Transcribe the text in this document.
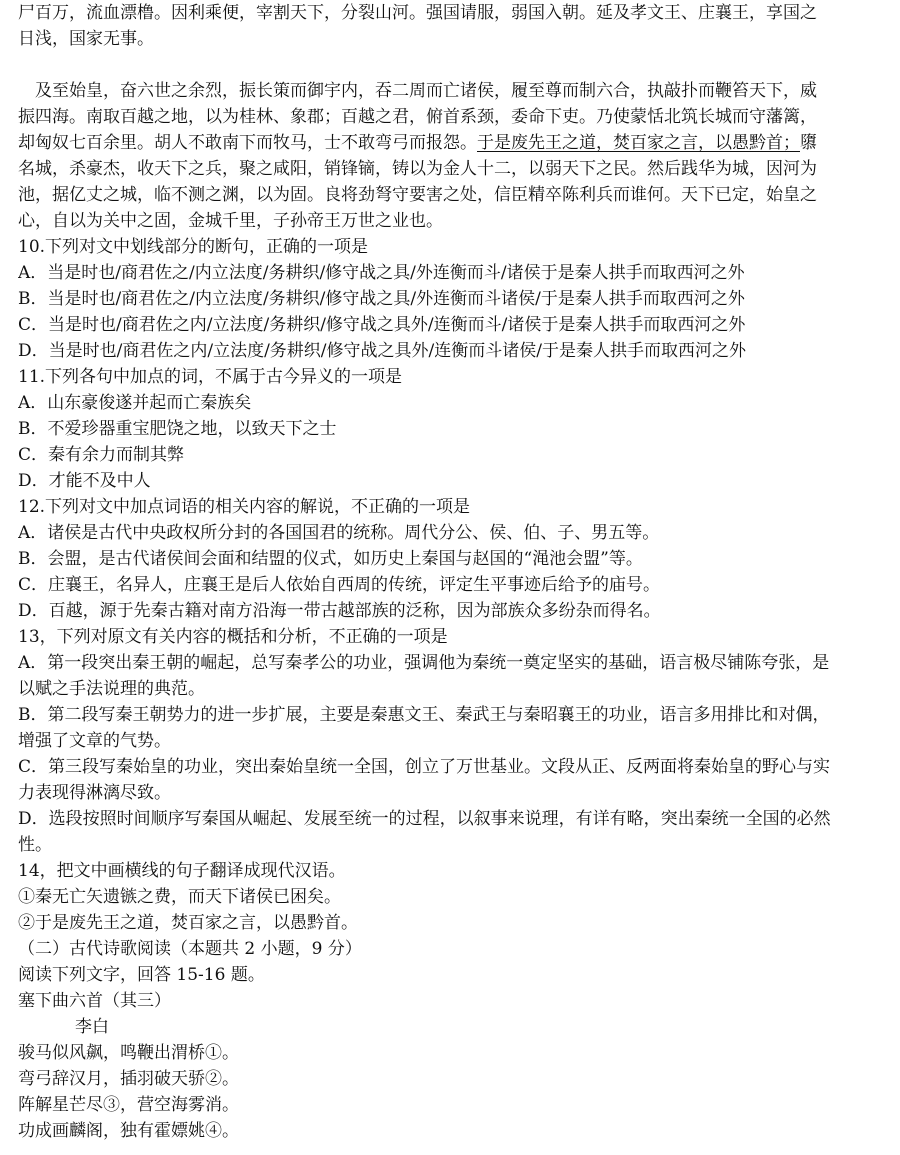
尸百万，流血漂橹。因利乘便，宰割天下，分裂山河。强国请服，弱国入朝。延及孝文王、庄襄王，享国之
日浅，国家无事。
及至始皇，奋六世之余烈，振长策而御宇内，吞二周而亡诸侯，履至尊而制六合，执敲扑而鞭笞天下，威
振四海。南取百越之地，以为桂林、象郡；百越之君，俯首系颈，委命下吏。乃使蒙恬北筑长城而守藩篱，
却匈奴七百余里。胡人不敢南下而牧马，士不敢弯弓而报怨。于是废先王之道，焚百家之言，以愚黔首；隳
名城，杀豪杰，收天下之兵，聚之咸阳，销锋镝，铸以为金人十二，以弱天下之民。然后践华为城，因河为
池，据亿丈之城，临不测之渊，以为固。良将劲弩守要害之处，信臣精卒陈利兵而谁何。天下已定，始皇之
心，自以为关中之固，金城千里，子孙帝王万世之业也。
10.下列对文中划线部分的断句，正确的一项是
A．当是时也/商君佐之/内立法度/务耕织/修守战之具/外连衡而斗/诸侯于是秦人拱手而取西河之外
B．当是时也/商君佐之/内立法度/务耕织/修守战之具/外连衡而斗诸侯/于是秦人拱手而取西河之外
C．当是时也/商君佐之内/立法度/务耕织/修守战之具外/连衡而斗/诸侯于是秦人拱手而取西河之外
D．当是时也/商君佐之内/立法度/务耕织/修守战之具外/连衡而斗诸侯/于是秦人拱手而取西河之外
11.下列各句中加点的词，不属于古今异义的一项是
A．山东豪俊遂并起而亡秦族矣
B．不爱珍器重宝肥饶之地，以致天下之士
C．秦有余力而制其弊
D．才能不及中人
12.下列对文中加点词语的相关内容的解说，不正确的一项是
A．诸侯是古代中央政权所分封的各国国君的统称。周代分公、侯、伯、子、男五等。
B．会盟，是古代诸侯间会面和结盟的仪式，如历史上秦国与赵国的“渑池会盟”等。
C．庄襄王，名异人，庄襄王是后人依始自西周的传统，评定生平事迹后给予的庙号。
D．百越，源于先秦古籍对南方沿海一带古越部族的泛称，因为部族众多纷杂而得名。
13，下列对原文有关内容的概括和分析，不正确的一项是
A．第一段突出秦王朝的崛起，总写秦孝公的功业，强调他为秦统一奠定坚实的基础，语言极尽铺陈夸张，是
以赋之手法说理的典范。
B．第二段写秦王朝势力的进一步扩展，主要是秦惠文王、秦武王与秦昭襄王的功业，语言多用排比和对偶，
增强了文章的气势。
C．第三段写秦始皇的功业，突出秦始皇统一全国，创立了万世基业。文段从正、反两面将秦始皇的野心与实
力表现得淋漓尽致。
D．选段按照时间顺序写秦国从崛起、发展至统一的过程，以叙事来说理，有详有略，突出秦统一全国的必然
性。
14，把文中画横线的句子翻译成现代汉语。
①秦无亡矢遗镞之费，而天下诸侯已困矣。
②于是废先王之道，焚百家之言，以愚黔首。
（二）古代诗歌阅读（本题共 2 小题，9 分）
阅读下列文字，回答 15-16 题。
塞下曲六首（其三）
李白
骏马似风飙，鸣鞭出渭桥①。
弯弓辞汉月，插羽破天骄②。
阵解星芒尽③，营空海雾消。
功成画麟阁，独有霍嫖姚④。
